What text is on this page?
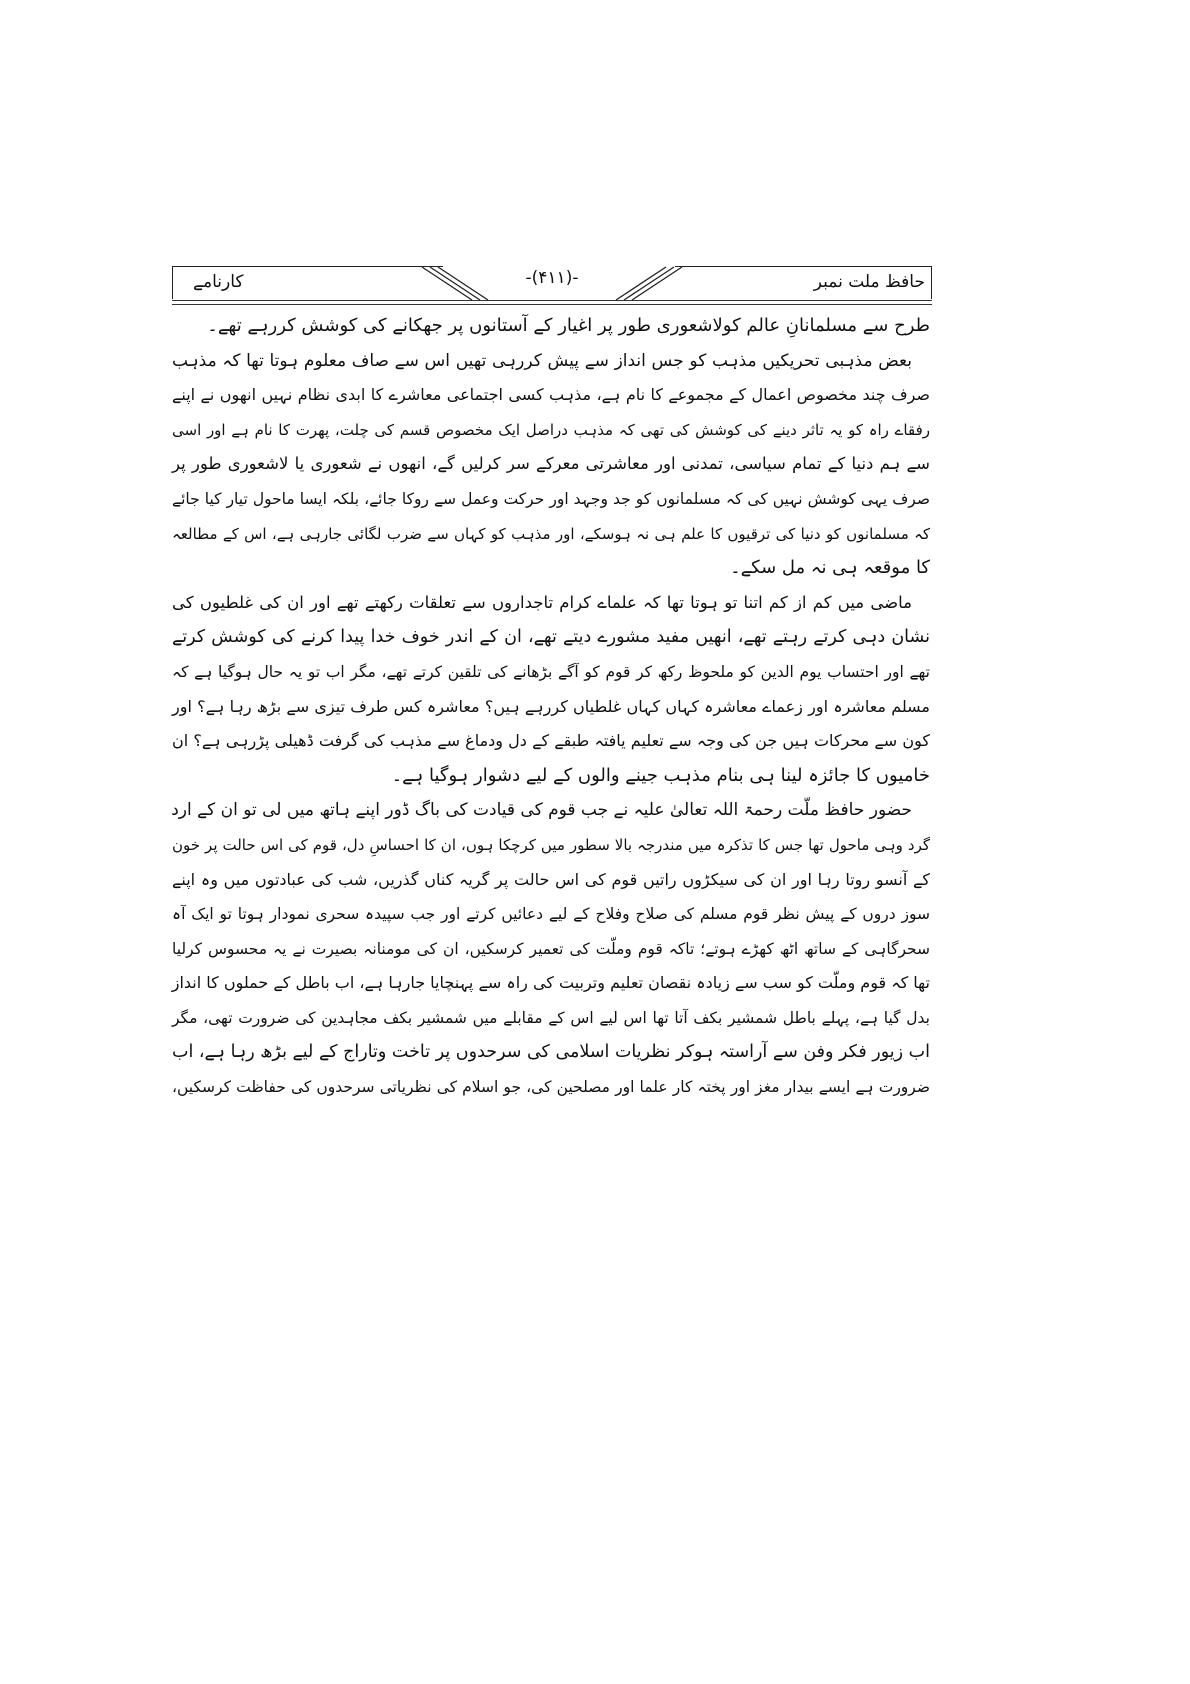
کارنامے	-(۴۱۱)-	حافظ ملت نمبر
طرح سے مسلمانانِ عالم کولاشعوری طور پر اغیار کے آستانوں پر جھکانے کی کوشش کررہے تھے۔
بعض مذہبی تحریکیں مذہب کو جس انداز سے پیش کررہی تھیں اس سے صاف معلوم ہوتا تھا کہ مذہب
صرف چند مخصوص اعمال کے مجموعے کا نام ہے، مذہب کسی اجتماعی معاشرے کا ابدی نظام نہیں انھوں نے اپنے
رفقاے راہ کو یہ تاثر دینے کی کوشش کی تھی کہ مذہب دراصل ایک مخصوص قسم کی چلت، پھرت کا نام ہے اور اسی
سے ہم دنیا کے تمام سیاسی، تمدنی اور معاشرتی معرکے سر کرلیں گے، انھوں نے شعوری یا لاشعوری طور پر
صرف یہی کوشش نہیں کی کہ مسلمانوں کو جد وجہد اور حرکت وعمل سے روکا جائے، بلکہ ایسا ماحول تیار کیا جائے
کہ مسلمانوں کو دنیا کی ترقیوں کا علم ہی نہ ہوسکے، اور مذہب کو کہاں سے ضرب لگائی جارہی ہے، اس کے مطالعہ
کا موقعہ ہی نہ مل سکے۔
ماضی میں کم از کم اتنا تو ہوتا تھا کہ علماے کرام تاجداروں سے تعلقات رکھتے تھے اور ان کی غلطیوں کی
نشان دہی کرتے رہتے تھے، انھیں مفید مشورے دیتے تھے، ان کے اندر خوف خدا پیدا کرنے کی کوشش کرتے
تھے اور احتساب یوم الدین کو ملحوظ رکھ کر قوم کو آگے بڑھانے کی تلقین کرتے تھے، مگر اب تو یہ حال ہوگیا ہے کہ
مسلم معاشرہ اور زعماے معاشرہ کہاں کہاں غلطیاں کررہے ہیں؟ معاشرہ کس طرف تیزی سے بڑھ رہا ہے؟ اور
کون سے محرکات ہیں جن کی وجہ سے تعلیم یافتہ طبقے کے دل ودماغ سے مذہب کی گرفت ڈھیلی پڑرہی ہے؟ ان
خامیوں کا جائزہ لینا ہی بنام مذہب جینے والوں کے لیے دشوار ہوگیا ہے۔
حضور حافظ ملّت رحمۃ اللہ تعالیٰ علیہ نے جب قوم کی قیادت کی باگ ڈور اپنے ہاتھ میں لی تو ان کے ارد
گرد وہی ماحول تھا جس کا تذکرہ میں مندرجہ بالا سطور میں کرچکا ہوں، ان کا احساسِ دل، قوم کی اس حالت پر خون
کے آنسو روتا رہا اور ان کی سیکڑوں راتیں قوم کی اس حالت پر گریہ کناں گذریں، شب کی عبادتوں میں وہ اپنے
سوز دروں کے پیش نظر قوم مسلم کی صلاح وفلاح کے لیے دعائیں کرتے اور جب سپیدہ سحری نمودار ہوتا تو ایک آہ
سحرگاہی کے ساتھ اٹھ کھڑے ہوتے؛ تاکہ قوم وملّت کی تعمیر کرسکیں، ان کی مومنانہ بصیرت نے یہ محسوس کرلیا
تھا کہ قوم وملّت کو سب سے زیادہ نقصان تعلیم وتربیت کی راہ سے پہنچایا جارہا ہے، اب باطل کے حملوں کا انداز
بدل گیا ہے، پہلے باطل شمشیر بکف آتا تھا اس لیے اس کے مقابلے میں شمشیر بکف مجاہدین کی ضرورت تھی، مگر
اب زیور فکر وفن سے آراستہ ہوکر نظریات اسلامی کی سرحدوں پر تاخت وتاراج کے لیے بڑھ رہا ہے، اب
ضرورت ہے ایسے بیدار مغز اور پختہ کار علما اور مصلحین کی، جو اسلام کی نظریاتی سرحدوں کی حفاظت کرسکیں،
